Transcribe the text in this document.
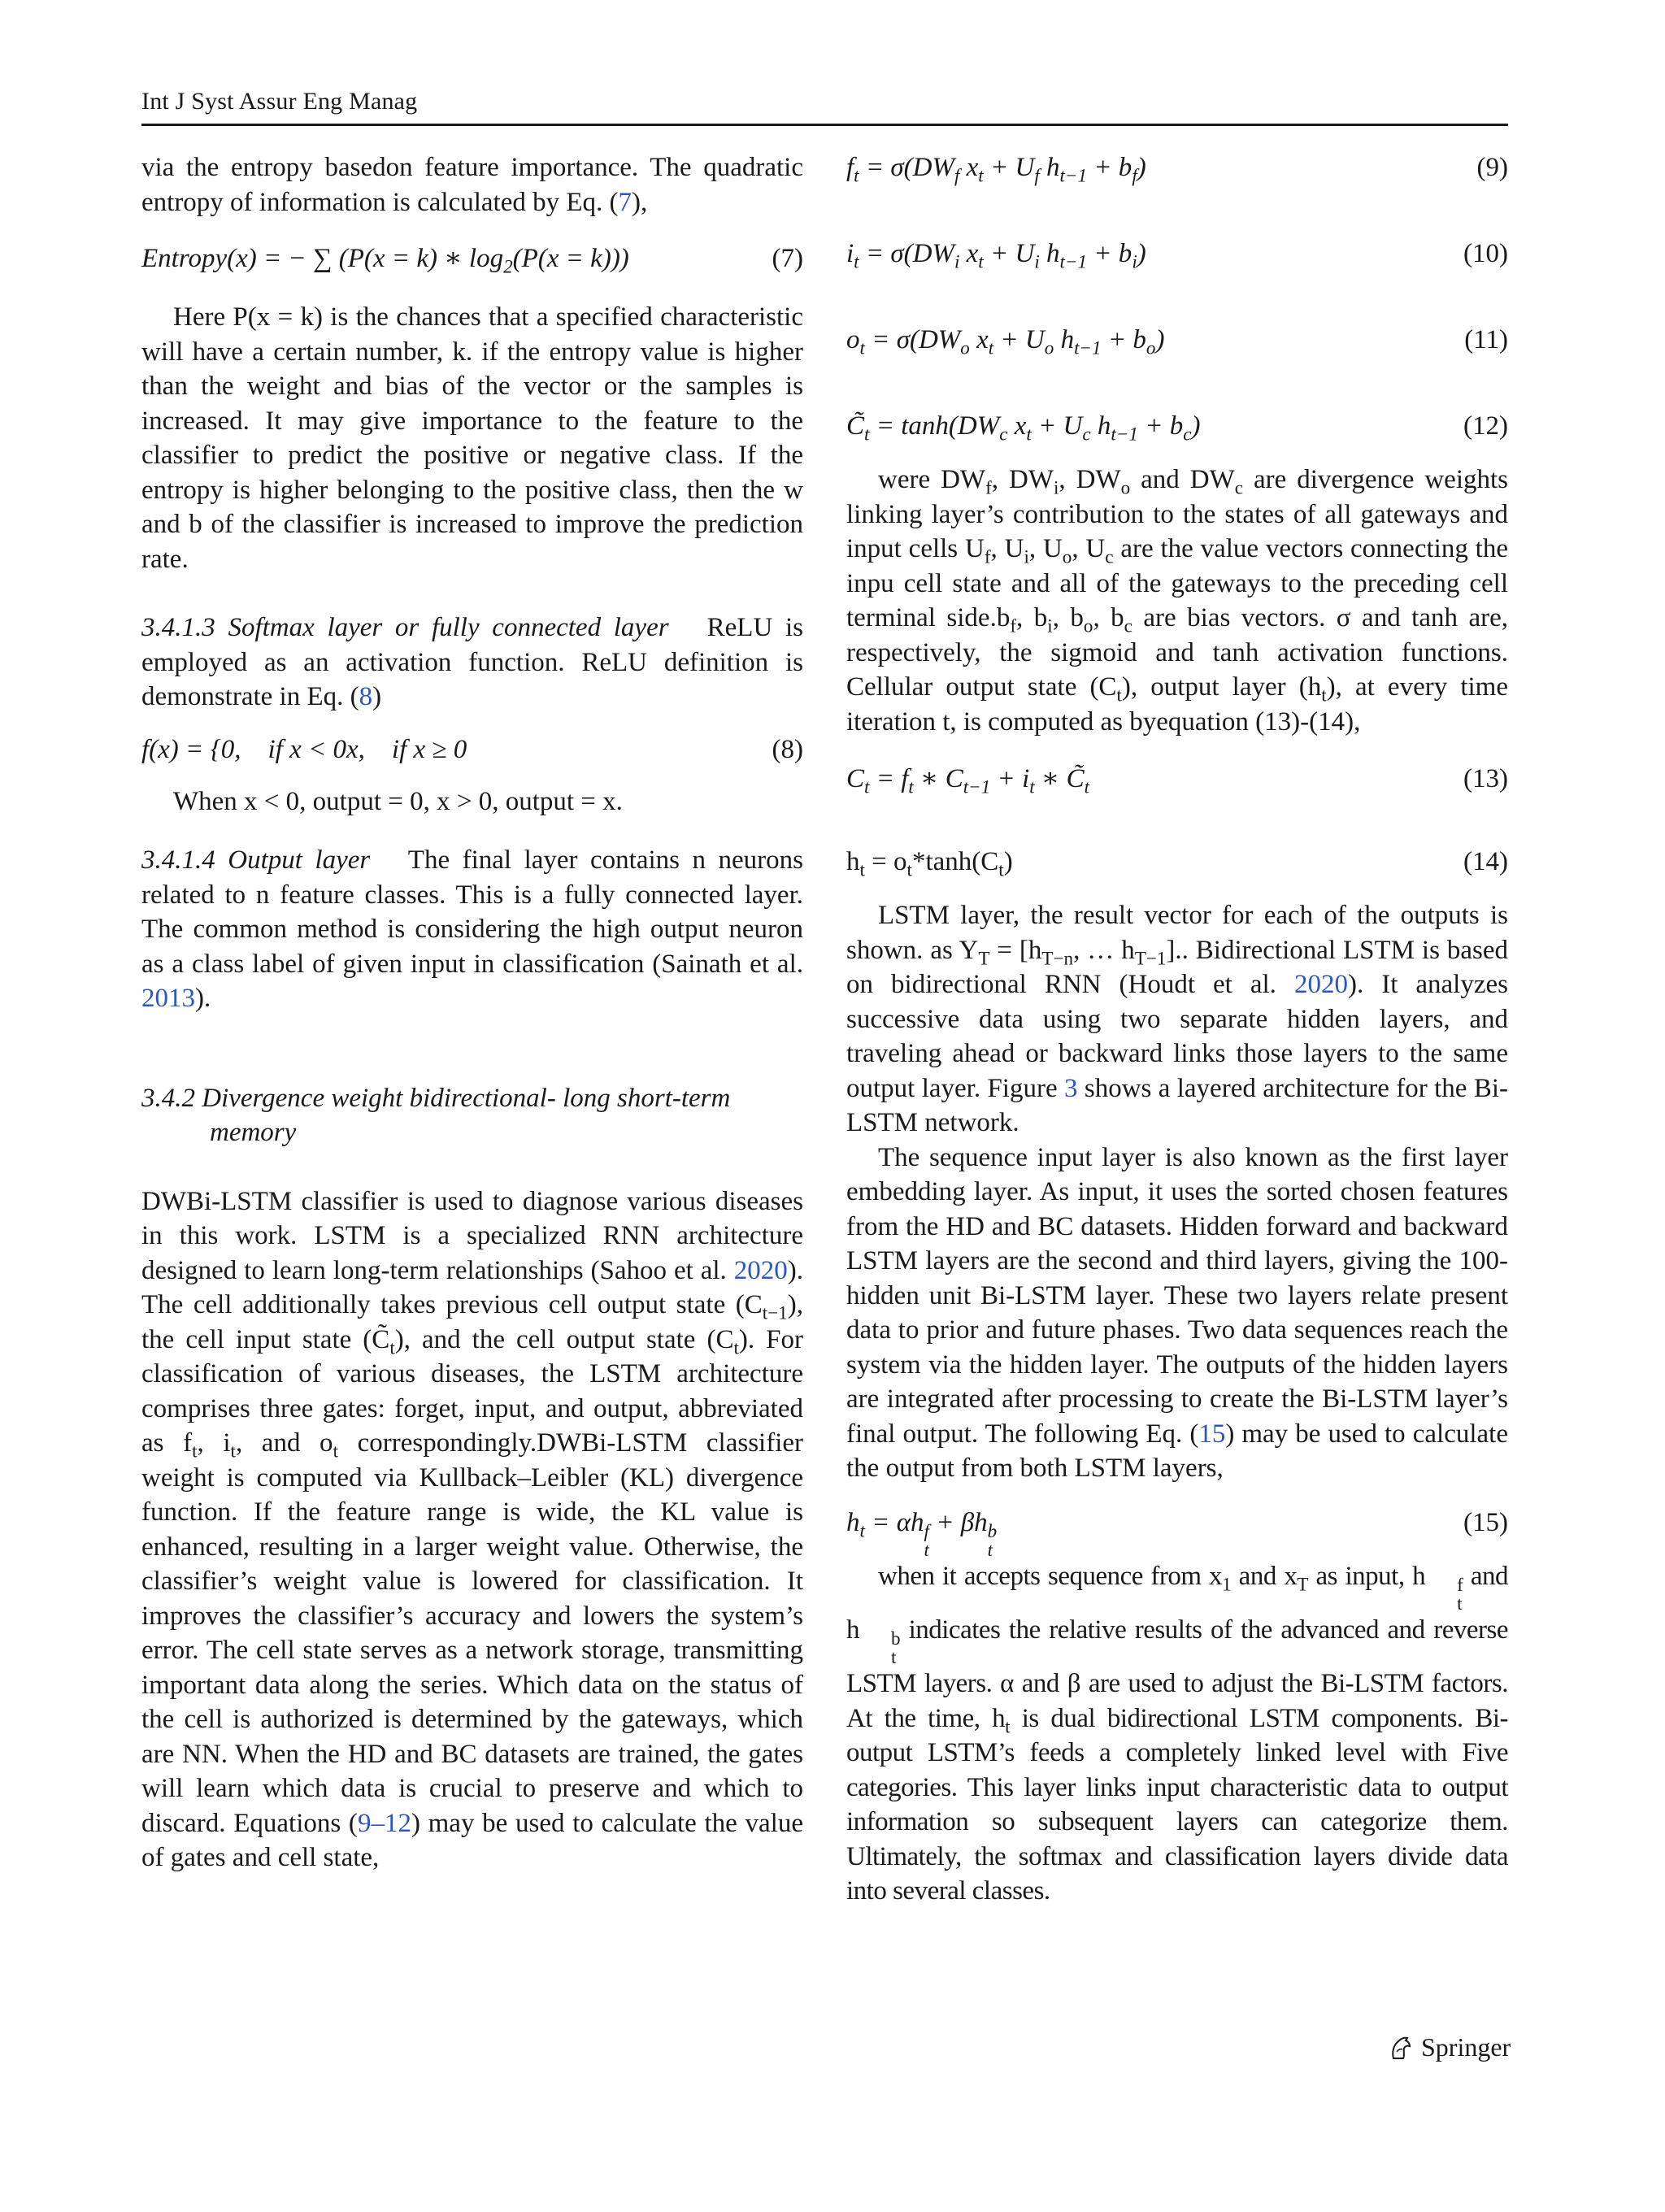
Int J Syst Assur Eng Manag

via the entropy basedon feature importance. The quadratic entropy of information is calculated by Eq. (7),

Entropy(x) = − ∑ (P(x = k) ∗ $\log_2(P(x = k))$)	(7)

Here P(x = k) is the chances that a specified characteristic will have a certain number, k. if the entropy value is higher than the weight and bias of the vector or the samples is increased. It may give importance to the feature to the classifier to predict the positive or negative class. If the entropy is higher belonging to the positive class, then the w and b of the classifier is increased to improve the prediction rate.

3.4.1.3 Softmax layer or fully connected layer ReLU is employed as an activation function. ReLU definition is demonstrate in Eq. (8)

f(x) = {0,    if x < 0x,    if x ≥ 0	(8)

When x < 0, output = 0, x > 0, output = x.

3.4.1.4 Output layer The final layer contains n neurons related to n feature classes. This is a fully connected layer. The common method is considering the high output neuron as a class label of given input in classification (Sainath et al. 2013).

3.4.2 Divergence weight bidirectional- long short-term
memory

DWBi-LSTM classifier is used to diagnose various diseases in this work. LSTM is a specialized RNN architecture designed to learn long-term relationships (Sahoo et al. 2020). The cell additionally takes previous cell output state $(C_{t-1})$, the cell input state $(C̃_t)$, and the cell output state $(C_t)$. For classification of various diseases, the LSTM architecture comprises three gates: forget, input, and output, abbreviated as $f_t$, $i_t$, and $o_t$ correspondingly.DWBi-LSTM classifier weight is computed via Kullback–Leibler (KL) divergence function. If the feature range is wide, the KL value is enhanced, resulting in a larger weight value. Otherwise, the classifier’s weight value is lowered for classification. It improves the classifier’s accuracy and lowers the system’s error. The cell state serves as a network storage, transmitting important data along the series. Which data on the status of the cell is authorized is determined by the gateways, which are NN. When the HD and BC datasets are trained, the gates will learn which data is crucial to preserve and which to discard. Equations (9–12) may be used to calculate the value of gates and cell state,

$f_t = \sigma(DW_f$ $x_t + U_f$ $h_{t-1} + b_f$)	(9)
$i_t = \sigma(DW_i$ $x_t + U_i$ $h_{t-1} + b_i$)	(10)
$o_t = \sigma(DW_o$ $x_t + U_o$ $h_{t-1} + b_o$)	(11)
$C̃_t = \tanh(DW_c$ $x_t + U_c$ $h_{t-1} + b_c$)	(12)

were $DW_f$, $DW_i$, $DW_o$ and $DW_c$ are divergence weights linking layer’s contribution to the states of all gateways and input cells $U_f$, $U_i$, $U_o$, $U_c$ are the value vectors connecting the inpu cell state and all of the gateways to the preceding cell terminal $side.b_f$, $b_i$, $b_o$, $b_c$ are bias vectors. σ and tanh are, respectively, the sigmoid and tanh activation functions. Cellular output state $(C_t)$, output layer $(h_t)$, at every time iteration t, is computed as byequation (13)-(14),

$C_t = f_t$ ∗ $C_{t-1} + i_t$ ∗ $C̃_t$	(13)
$h_t = o_t*\tanh(C_t)$	(14)

LSTM layer, the result vector for each of the outputs is shown. as $Y_T = [h_{T-n}$, … $h_{T-1}$].. Bidirectional LSTM is based on bidirectional RNN (Houdt et al. 2020). It analyzes successive data using two separate hidden layers, and traveling ahead or backward links those layers to the same output layer. Figure 3 shows a layered architecture for the Bi-LSTM network.

The sequence input layer is also known as the first layer embedding layer. As input, it uses the sorted chosen features from the HD and BC datasets. Hidden forward and backward LSTM layers are the second and third layers, giving the 100-hidden unit Bi-LSTM layer. These two layers relate present data to prior and future phases. Two data sequences reach the system via the hidden layer. The outputs of the hidden layers are integrated after processing to create the Bi-LSTM layer’s final output. The following Eq. (15) may be used to calculate the output from both LSTM layers,

$h_t = \alpha h$ f
t
+ βh b
t
(15)

when it accepts sequence from $x_1$ and $x_T$ as input, h	f
t
and h	b
t
indicates the relative results of the advanced and reverse LSTM layers. α and β are used to adjust the Bi-LSTM factors. At the time, $h_t$ is dual bidirectional LSTM components. Bi-output LSTM’s feeds a completely linked level with Five categories. This layer links input characteristic data to output information so subsequent layers can categorize them. Ultimately, the softmax and classification layers divide data into several classes.

Springer
